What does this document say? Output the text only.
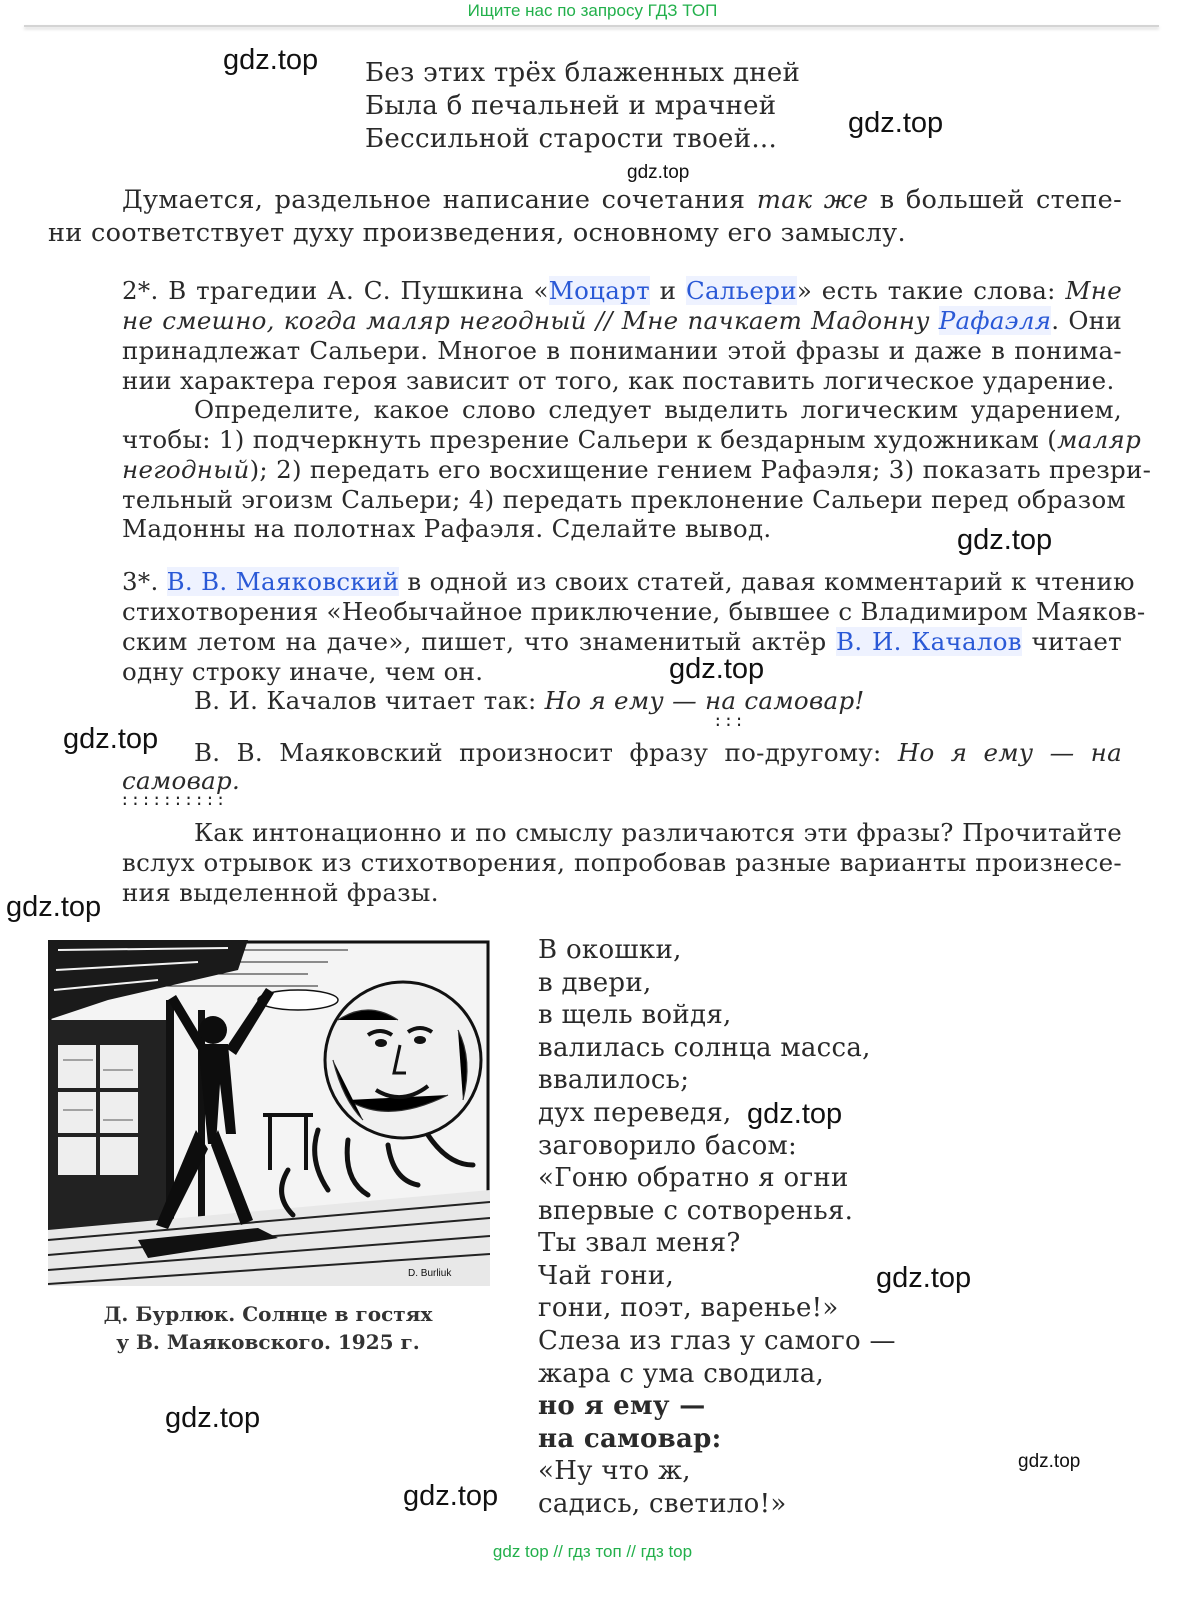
Ищите нас по запросу ГДЗ ТОП
Без этих трёх блаженных дней
Была б печальней и мрачней
Бессильной старости твоей...
Думается, раздельное написание сочетания так же в большей степе-
ни соответствует духу произведения, основному его замыслу.
2*. В трагедии А. С. Пушкина «Моцарт и Сальери» есть такие слова: Мне
не смешно, когда маляр негодный // Мне пачкает Мадонну Рафаэля. Они
принадлежат Сальери. Многое в понимании этой фразы и даже в понима-
нии характера героя зависит от того, как поставить логическое ударение.
Определите, какое слово следует выделить логическим ударением,
чтобы: 1) подчеркнуть презрение Сальери к бездарным художникам (маляр
негодный); 2) передать его восхищение гением Рафаэля; 3) показать презри-
тельный эгоизм Сальери; 4) передать преклонение Сальери перед образом
Мадонны на полотнах Рафаэля. Сделайте вывод.
3*. В. В. Маяковский в одной из своих статей, давая комментарий к чтению
стихотворения «Необычайное приключение, бывшее с Владимиром Маяков-
ским летом на даче», пишет, что знаменитый актёр В. И. Качалов читает
одну строку иначе, чем он.
В. И. Качалов читает так: Но я ему — на самовар!
:::
В. В. Маяковский произносит фразу по-другому: Но я ему — на
самовар.
::::::::::
Как интонационно и по смыслу различаются эти фразы? Прочитайте
вслух отрывок из стихотворения, попробовав разные варианты произнесе-
ния выделенной фразы.
D. Burliuk
Д. Бурлюк. Солнце в гостях
у В. Маяковского. 1925 г.
В окошки,
в двери,
в щель войдя,
валилась солнца масса,
ввалилось;
дух переведя,
заговорило басом:
«Гоню обратно я огни
впервые с сотворенья.
Ты звал меня?
Чай гони,
гони, поэт, варенье!»
Слеза из глаз у самого —
жара с ума сводила,
но я ему —
на самовар:
«Ну что ж,
садись, светило!»
gdz.top
gdz.top
gdz.top
gdz.top
gdz.top
gdz.top
gdz.top
gdz.top
gdz.top
gdz.top
gdz.top
gdz.top
gdz top // гдз топ // гдз top
